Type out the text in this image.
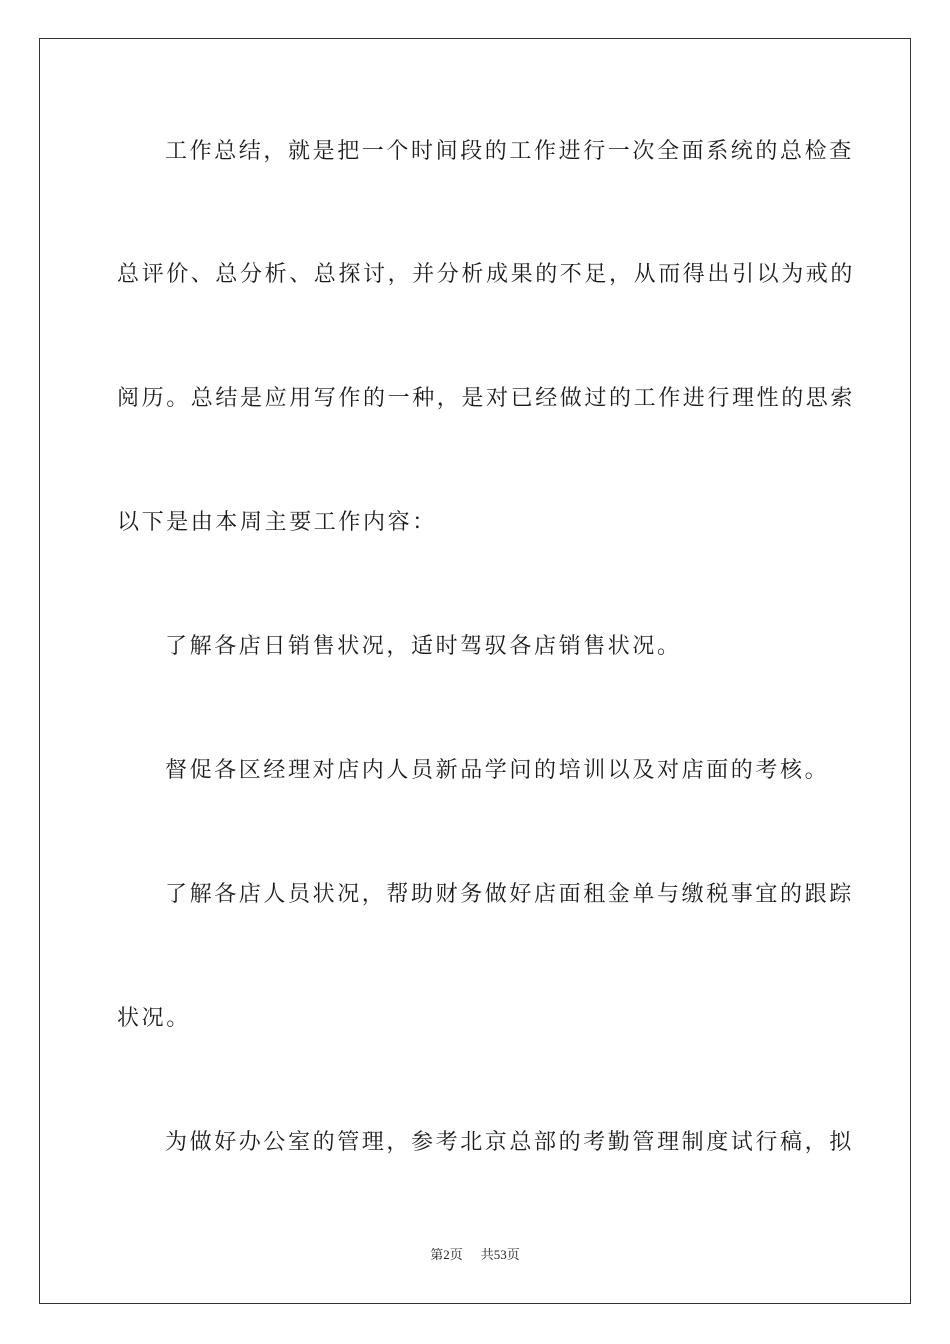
工作总结，就是把一个时间段的工作进行一次全面系统的总检查
总评价、总分析、总探讨，并分析成果的不足，从而得出引以为戒的
阅历。总结是应用写作的一种，是对已经做过的工作进行理性的思索
以下是由本周主要工作内容：
了解各店日销售状况，适时驾驭各店销售状况。
督促各区经理对店内人员新品学问的培训以及对店面的考核。
了解各店人员状况，帮助财务做好店面租金单与缴税事宜的跟踪
状况。
为做好办公室的管理，参考北京总部的考勤管理制度试行稿，拟
第2页 共53页
